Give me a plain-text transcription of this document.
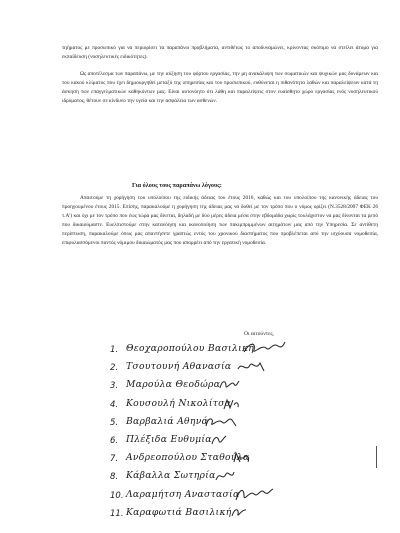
τηήματος με προσωπικό για να περιορίσει τα παραπάνω προβλήματα, αντιθέτως το αποδυναμώνει, κρίνοντας σκόπιμο να στείλει άτομα για εκπαίδευση (νοσηλευτικές ειδικότητες).

Ως αποτέλεσμα των παραπάνω, με την αύξηση του φόρτου εργασίας, την μη ανακάλυψη των σωματικών και ψυχικών μας δυνάμεων και του κακού κλίματος που έχει δημιουργηθεί μεταξύ της υπηρεσίας και του προσωπικού, ευθύνεται η πιθανότητα λαθών και παραλείψεων κατά τη άσκηση των επαγγελματικών καθηκόντων μας. Είναι αυτονόητο ότι λάθη και παραλείψεις στον ευαίσθητο χώρο εργασίας ενός νοσηλευτικού ιδρύματος, θέτουν σε κίνδυνο την υγεία και την ασφάλεια των ασθενών.

Για όλους τους παραπάνω λόγους:

Απαιτούμε τη χορήγηση του υπολοίπου της ειδικής άδειας του έτους 2016, καθώς και του υπολοίπου της κανονικής άδειας του προηγουμένου έτους 2015. Επίσης, παρακαλούμε η χορήγηση της άδειας μας να δοθεί με τον τρόπο που ο νόμος ορίζει (Ν.3528/2007 ΦΕΚ 26 τ.Α') και όχι με τον τρόπο που έως τώρα μας δίνεται, δηλαδή με δύο μέρες άδεια μέσα στην εβδομάδα χωρίς τουλάχιστον να μας δίνονται τα ρεπό που δικαιούμαστε. Ευελπιστούμε στην κατανόηση και ικανοποίηση των πακιμπριμμένων αιτημάτων μας από την Υπηρεσία. Σε αντίθετη περίπτωση, παρακαλούμε όπως μας απαντήσετε γραπτώς εντός του χρονικού διαστήματος που προβλέπεται από την ισχύουσα νομοθεσία, επιφυλασσόμενοι παντός νόμιμου δικαιώματός μας που απορρέει από την εργατική νομοθεσία.

Οι αιτούντες,

1. Θεοχαροπούλου Βασιλική
2. Τσουτουνή Αθανασία
3. Μαρούλα Θεοδώρα
4. Κουσουλή Νικολίτσα
5. Βαρβαλιά Αθηνά
6. Πλέξιδα Ευθυμία
7. Ανδρεοπούλου Σταθούλα
8. Κάβαλλα Σωτηρία
10. Λαραμήτση Αναστασία
11. Καραφωτιά Βασιλική
